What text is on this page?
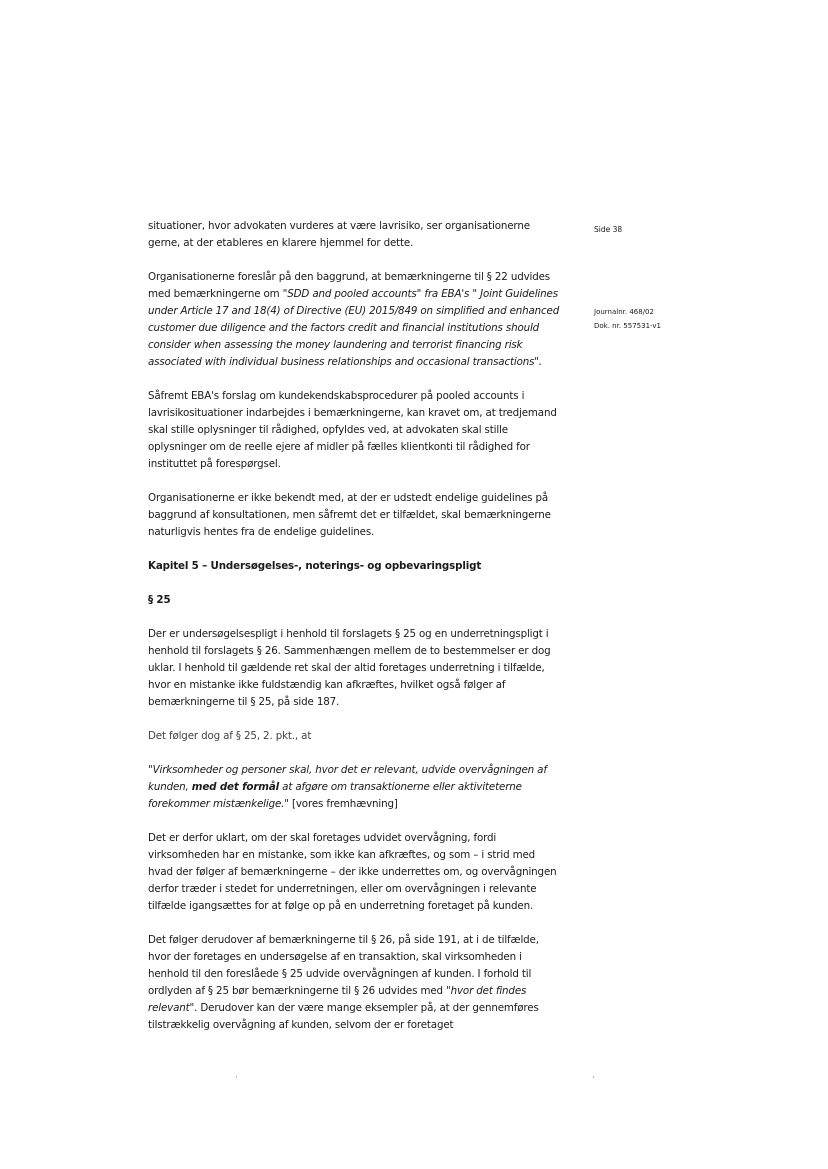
Side 38
Journalnr. 468/02
Dok. nr. 557531-v1

situationer, hvor advokaten vurderes at være lavrisiko, ser organisationerne gerne, at der etableres en klarere hjemmel for dette.

Organisationerne foreslår på den baggrund, at bemærkningerne til § 22 udvides med bemærkningerne om "SDD and pooled accounts" fra EBA's " Joint Guidelines under Article 17 and 18(4) of Directive (EU) 2015/849 on simplified and enhanced customer due diligence and the factors credit and financial institutions should consider when assessing the money laundering and terrorist financing risk associated with individual business relationships and occasional transactions".

Såfremt EBA's forslag om kundekendskabsprocedurer på pooled accounts i lavrisikosituationer indarbejdes i bemærkningerne, kan kravet om, at tredjemand skal stille oplysninger til rådighed, opfyldes ved, at advokaten skal stille oplysninger om de reelle ejere af midler på fælles klientkonti til rådighed for instituttet på forespørgsel.

Organisationerne er ikke bekendt med, at der er udstedt endelige guidelines på baggrund af konsultationen, men såfremt det er tilfældet, skal bemærkningerne naturligvis hentes fra de endelige guidelines.

Kapitel 5 – Undersøgelses-, noterings- og opbevaringspligt

§ 25

Der er undersøgelsespligt i henhold til forslagets § 25 og en underretningspligt i henhold til forslagets § 26. Sammenhængen mellem de to bestemmelser er dog uklar. I henhold til gældende ret skal der altid foretages underretning i tilfælde, hvor en mistanke ikke fuldstændig kan afkræftes, hvilket også følger af bemærkningerne til § 25, på side 187.

Det følger dog af § 25, 2. pkt., at

"Virksomheder og personer skal, hvor det er relevant, udvide overvågningen af kunden, med det formål at afgøre om transaktionerne eller aktiviteterne forekommer mistænkelige." [vores fremhævning]

Det er derfor uklart, om der skal foretages udvidet overvågning, fordi virksomheden har en mistanke, som ikke kan afkræftes, og som – i strid med hvad der følger af bemærkningerne – der ikke underrettes om, og overvågningen derfor træder i stedet for underretningen, eller om overvågningen i relevante tilfælde igangsættes for at følge op på en underretning foretaget på kunden.

Det følger derudover af bemærkningerne til § 26, på side 191, at i de tilfælde, hvor der foretages en undersøgelse af en transaktion, skal virksomheden i henhold til den foreslåede § 25 udvide overvågningen af kunden. I forhold til ordlyden af § 25 bør bemærkningerne til § 26 udvides med "hvor det findes relevant". Derudover kan der være mange eksempler på, at der gennemføres tilstrækkelig overvågning af kunden, selvom der er foretaget

·	·
